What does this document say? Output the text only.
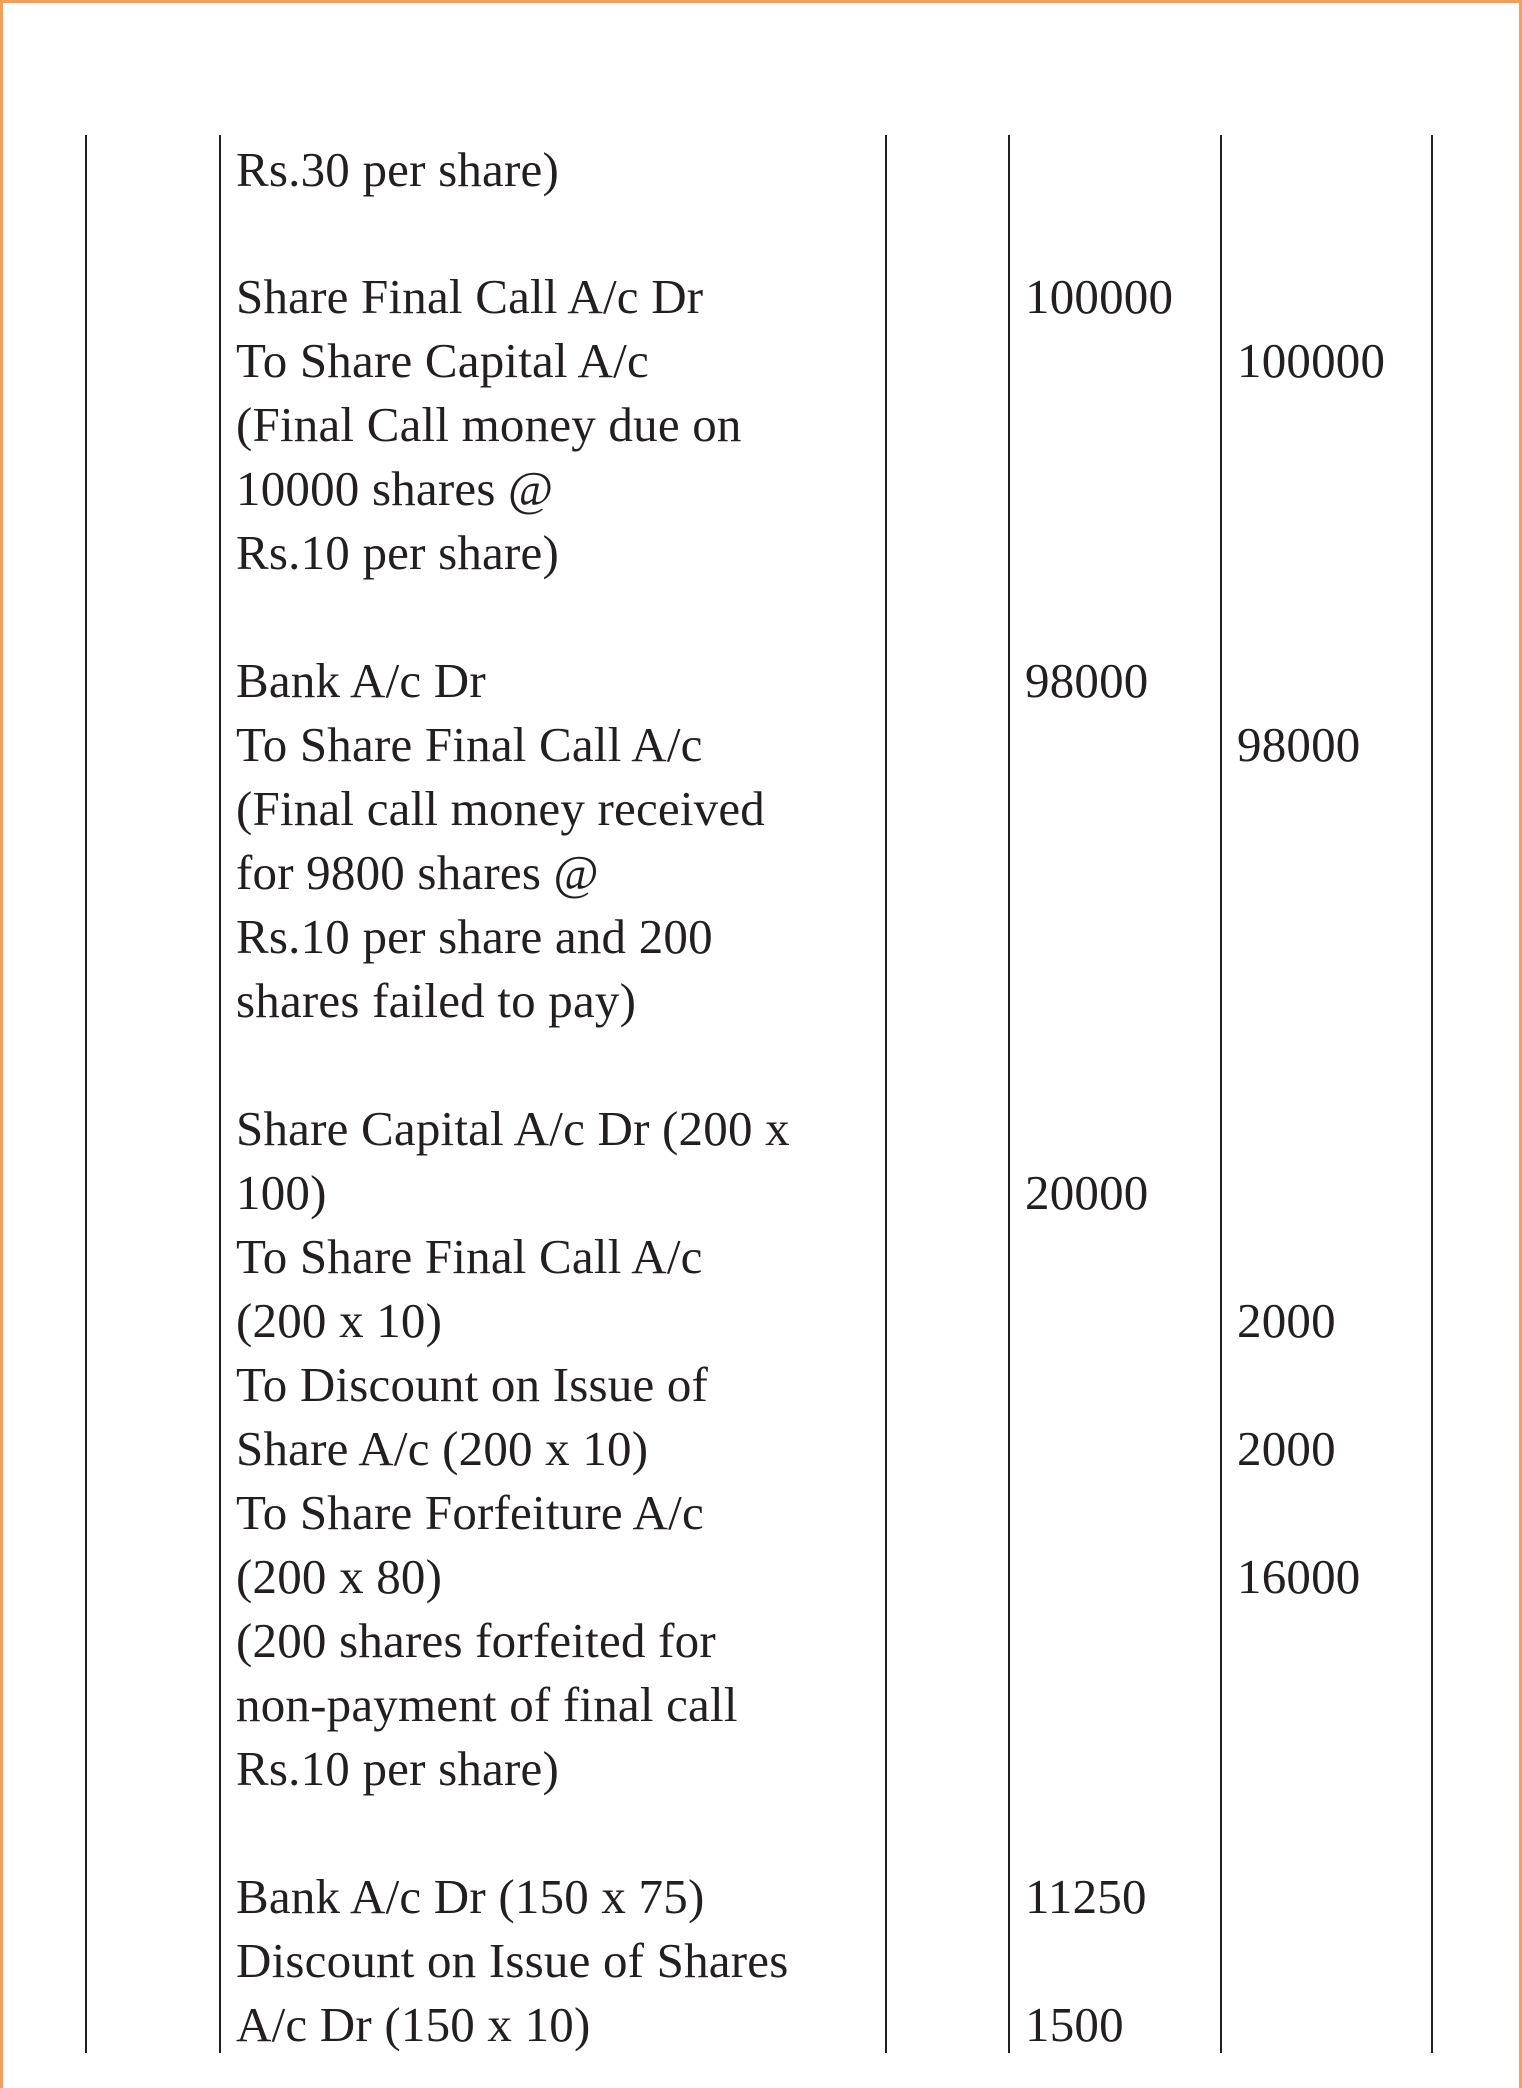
Rs.30 per share)
Share Final Call A/c Dr
To Share Capital A/c
(Final Call money due on
10000 shares @
Rs.10 per share)
100000
100000
Bank A/c Dr
To Share Final Call A/c
(Final call money received
for 9800 shares @
Rs.10 per share and 200
shares failed to pay)
98000
98000
Share Capital A/c Dr (200 x
100)
To Share Final Call A/c
(200 x 10)
To Discount on Issue of
Share A/c (200 x 10)
To Share Forfeiture A/c
(200 x 80)
(200 shares forfeited for
non-payment of final call
Rs.10 per share)
20000
2000
2000
16000
Bank A/c Dr (150 x 75)
Discount on Issue of Shares
A/c Dr (150 x 10)
11250
1500
